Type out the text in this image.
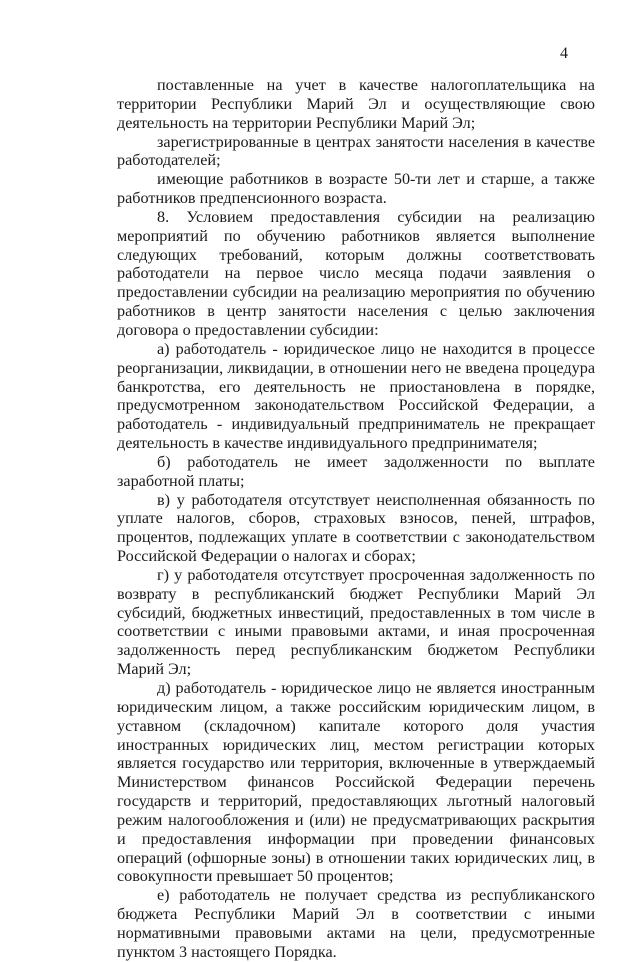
4

поставленные на учет в качестве налогоплательщика на территории Республики Марий Эл и осуществляющие свою деятельность на территории Республики Марий Эл;

зарегистрированные в центрах занятости населения в качестве работодателей;

имеющие работников в возрасте 50-ти лет и старше, а также работников предпенсионного возраста.

8. Условием предоставления субсидии на реализацию мероприятий по обучению работников является выполнение следующих требований, которым должны соответствовать работодатели на первое число месяца подачи заявления о предоставлении субсидии на реализацию мероприятия по обучению работников в центр занятости населения с целью заключения договора о предоставлении субсидии:

а) работодатель - юридическое лицо не находится в процессе реорганизации, ликвидации, в отношении него не введена процедура банкротства, его деятельность не приостановлена в порядке, предусмотренном законодательством Российской Федерации, а работодатель - индивидуальный предприниматель не прекращает деятельность в качестве индивидуального предпринимателя;

б) работодатель не имеет задолженности по выплате заработной платы;

в) у работодателя отсутствует неисполненная обязанность по уплате налогов, сборов, страховых взносов, пеней, штрафов, процентов, подлежащих уплате в соответствии с законодательством Российской Федерации о налогах и сборах;

г) у работодателя отсутствует просроченная задолженность по возврату в республиканский бюджет Республики Марий Эл субсидий, бюджетных инвестиций, предоставленных в том числе в соответствии с иными правовыми актами, и иная просроченная задолженность перед республиканским бюджетом Республики Марий Эл;

д) работодатель - юридическое лицо не является иностранным юридическим лицом, а также российским юридическим лицом, в уставном (складочном) капитале которого доля участия иностранных юридических лиц, местом регистрации которых является государство или территория, включенные в утверждаемый Министерством финансов Российской Федерации перечень государств и территорий, предоставляющих льготный налоговый режим налогообложения и (или) не предусматривающих раскрытия и предоставления информации при проведении финансовых операций (офшорные зоны) в отношении таких юридических лиц, в совокупности превышает 50 процентов;

е) работодатель не получает средства из республиканского бюджета Республики Марий Эл в соответствии с иными нормативными правовыми актами на цели, предусмотренные пунктом 3 настоящего Порядка.
